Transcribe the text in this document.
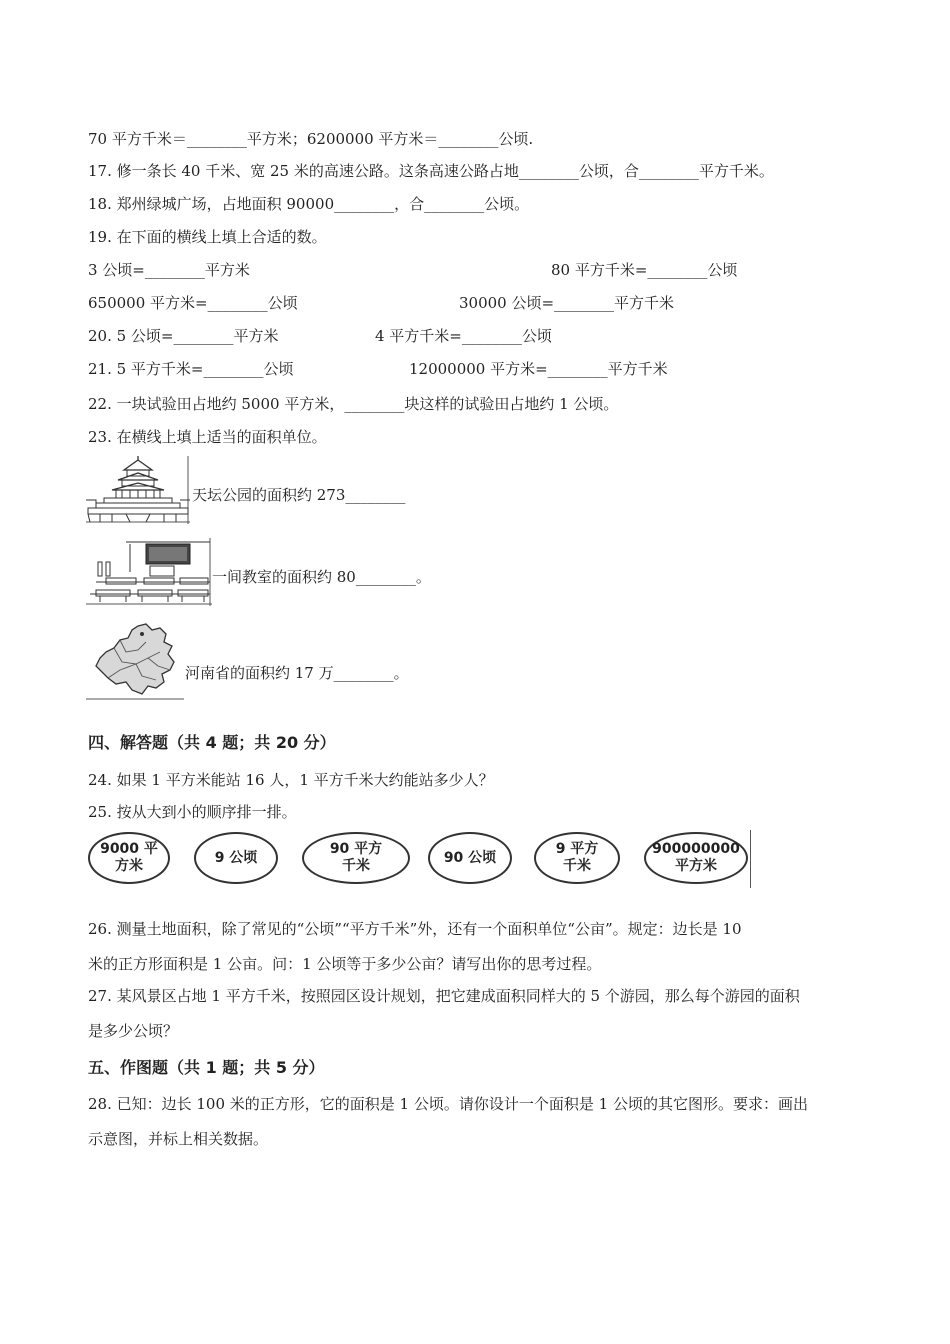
70 平方千米＝________平方米；6200000 平方米＝________公顷.
17. 修一条长 40 千米、宽 25 米的高速公路。这条高速公路占地________公顷，合________平方千米。
18. 郑州绿城广场，占地面积 90000________，合________公顷。
19. 在下面的横线上填上合适的数。
3 公顷=________平方米	80 平方千米=________公顷
650000 平方米=________公顷	30000 公顷=________平方千米
20. 5 公顷=________平方米	4 平方千米=________公顷
21. 5 平方千米=________公顷	12000000 平方米=________平方千米
22. 一块试验田占地约 5000 平方米，________块这样的试验田占地约 1 公顷。
23. 在横线上填上适当的面积单位。
天坛公园的面积约 273________
一间教室的面积约 80________。
河南省的面积约 17 万________。
四、解答题（共 4 题；共 20 分）
24. 如果 1 平方米能站 16 人，1 平方千米大约能站多少人？
25. 按从大到小的顺序排一排。
9000 平
方米
9 公顷
90 平方
千米
90 公顷
9 平方
千米
900000000
平方米
26. 测量土地面积，除了常见的“公顷”“平方千米”外，还有一个面积单位“公亩”。规定：边长是 10
米的正方形面积是 1 公亩。问：1 公顷等于多少公亩？请写出你的思考过程。
27. 某风景区占地 1 平方千米，按照园区设计规划，把它建成面积同样大的 5 个游园，那么每个游园的面积
是多少公顷？
五、作图题（共 1 题；共 5 分）
28. 已知：边长 100 米的正方形，它的面积是 1 公顷。请你设计一个面积是 1 公顷的其它图形。要求：画出
示意图，并标上相关数据。
